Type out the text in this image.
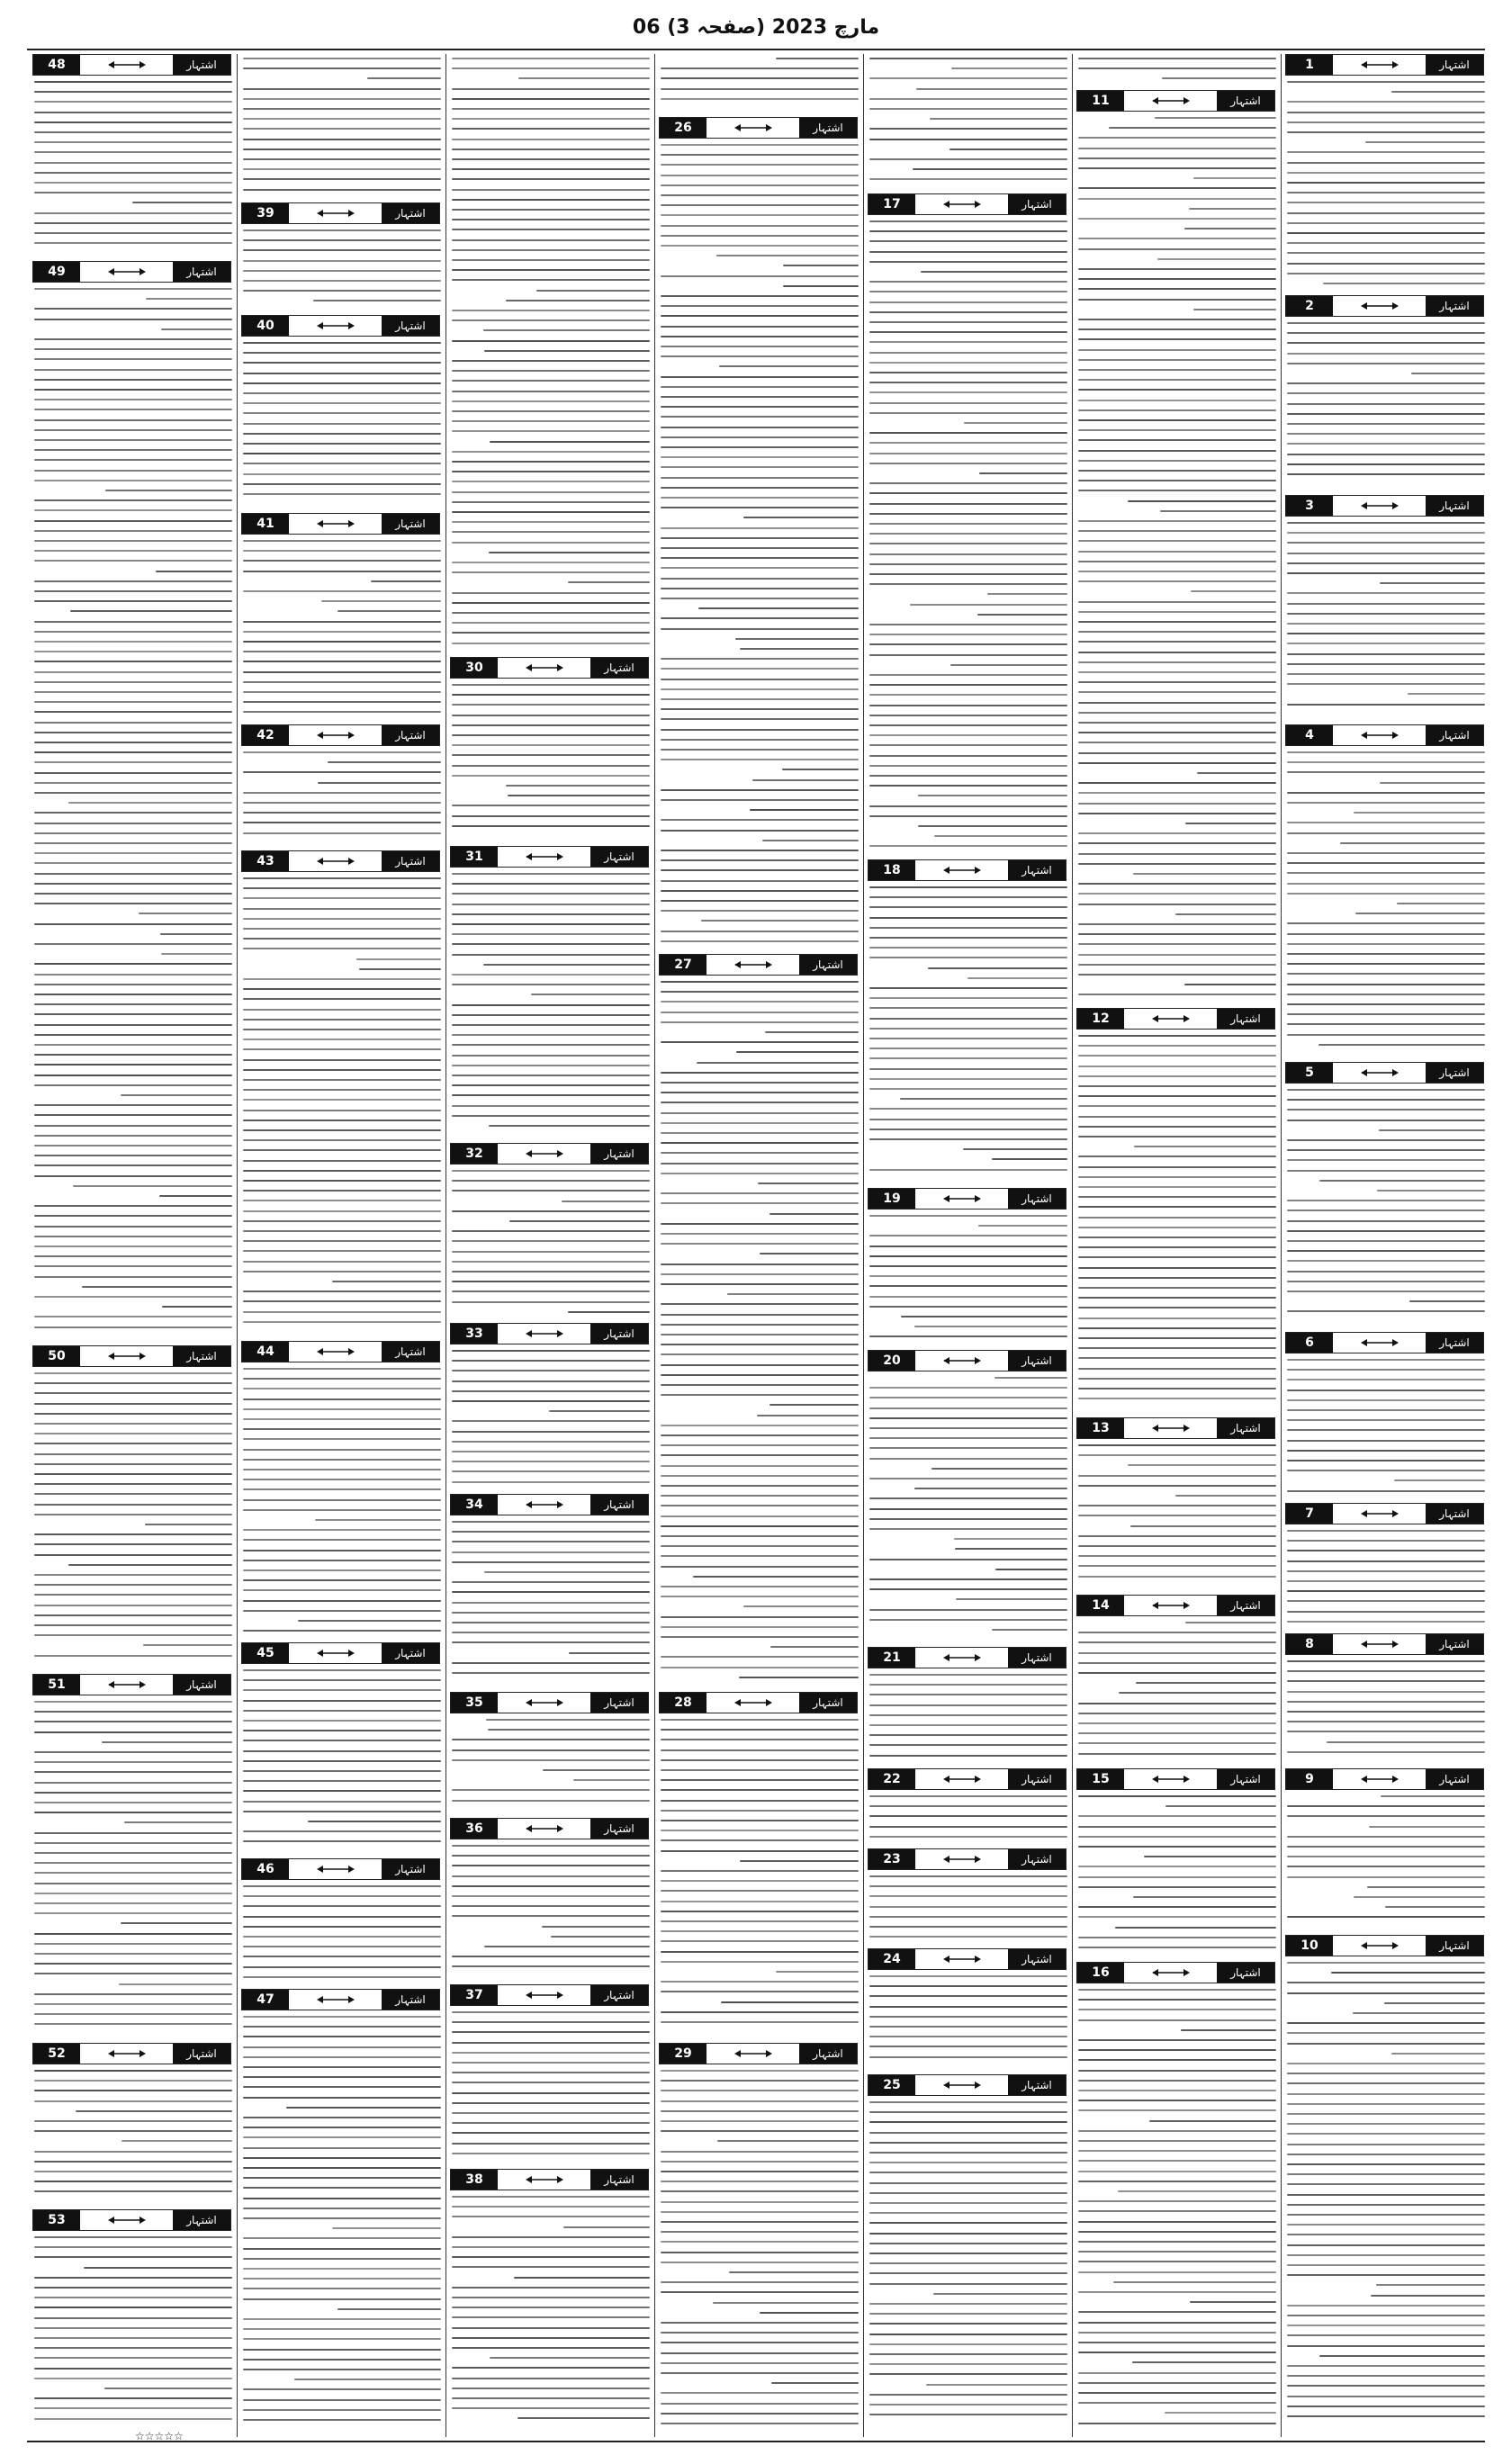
06 مارچ 2023 (صفحہ 3)
1	اشتہار
2	اشتہار
3	اشتہار
4	اشتہار
5	اشتہار
6	اشتہار
7	اشتہار
8	اشتہار
9	اشتہار
10	اشتہار
11	اشتہار
12	اشتہار
13	اشتہار
14	اشتہار
15	اشتہار
16	اشتہار
17	اشتہار
18	اشتہار
19	اشتہار
20	اشتہار
21	اشتہار
22	اشتہار
23	اشتہار
24	اشتہار
25	اشتہار
26	اشتہار
27	اشتہار
28	اشتہار
29	اشتہار
30	اشتہار
31	اشتہار
32	اشتہار
33	اشتہار
34	اشتہار
35	اشتہار
36	اشتہار
37	اشتہار
38	اشتہار
39	اشتہار
40	اشتہار
41	اشتہار
42	اشتہار
43	اشتہار
44	اشتہار
45	اشتہار
46	اشتہار
47	اشتہار
48	اشتہار
49	اشتہار
50	اشتہار
51	اشتہار
52	اشتہار
53	اشتہار
☆☆☆☆☆
